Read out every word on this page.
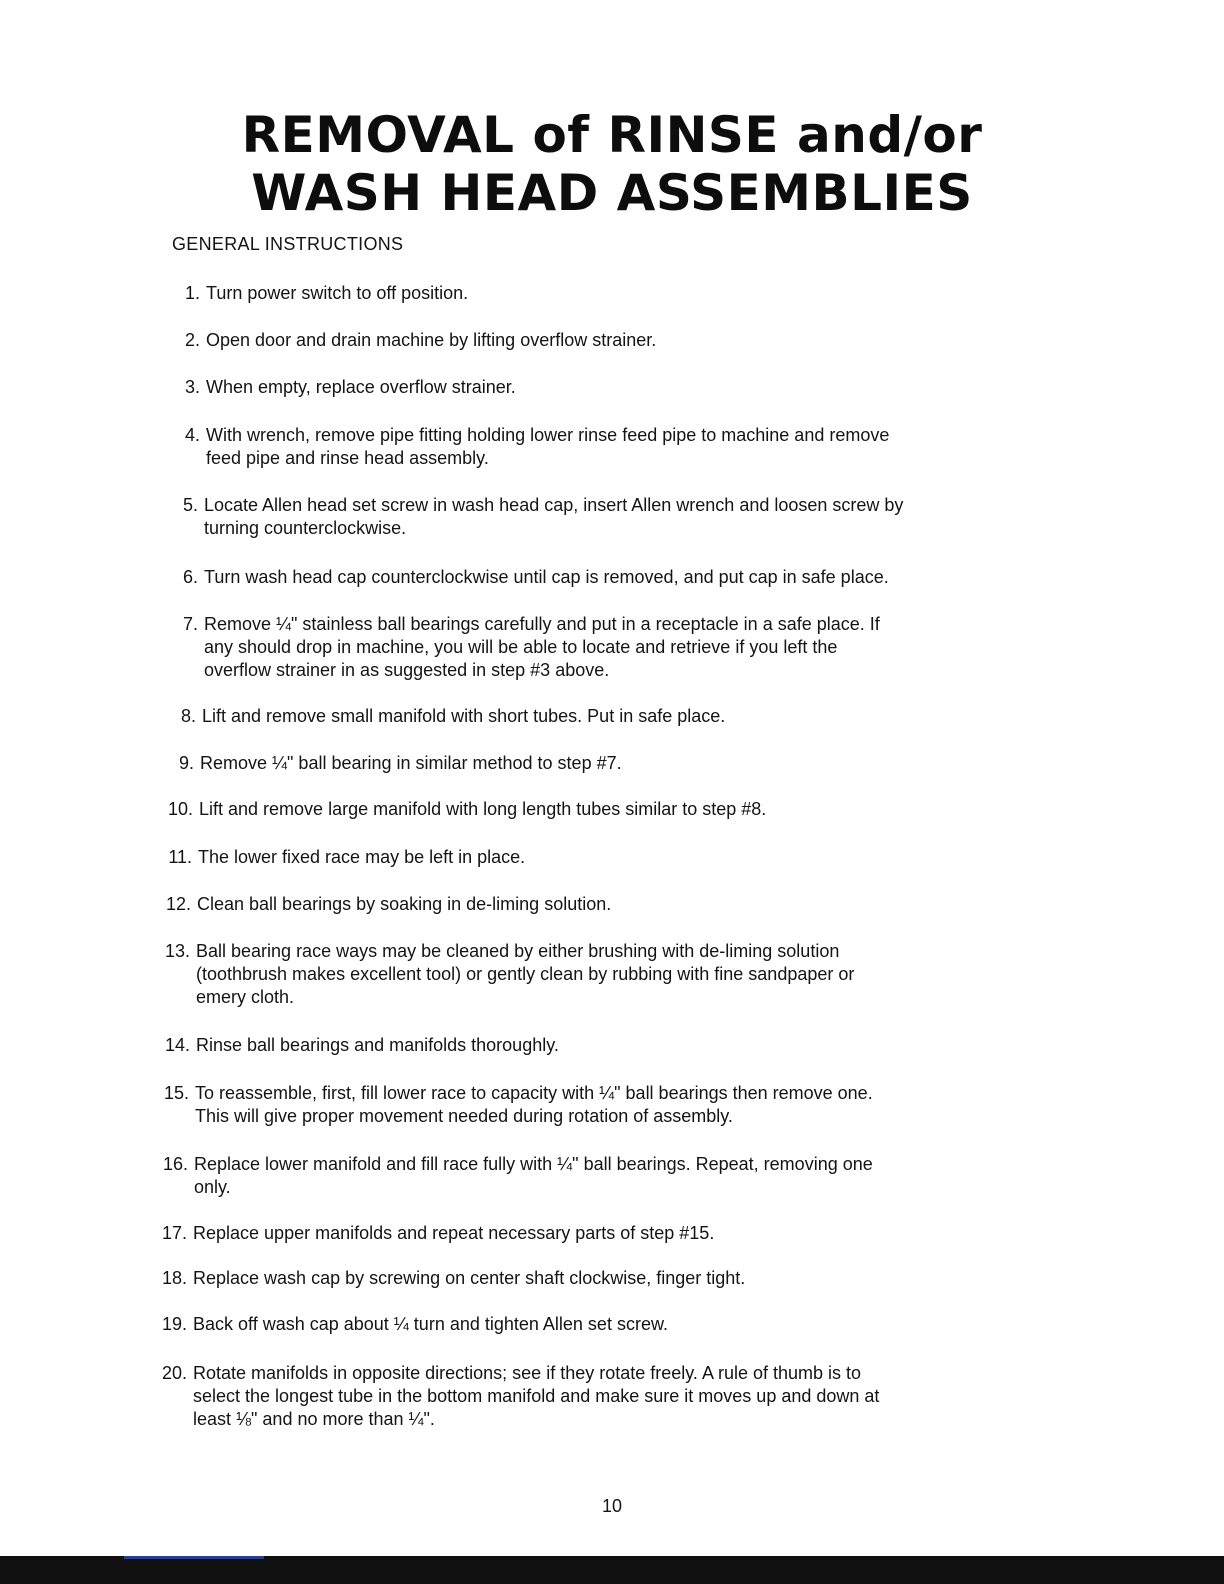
REMOVAL of RINSE and/or
WASH HEAD ASSEMBLIES
GENERAL INSTRUCTIONS
1. Turn power switch to off position.
2. Open door and drain machine by lifting overflow strainer.
3. When empty, replace overflow strainer.
4. With wrench, remove pipe fitting holding lower rinse feed pipe to machine and remove
feed pipe and rinse head assembly.
5. Locate Allen head set screw in wash head cap, insert Allen wrench and loosen screw by
turning counterclockwise.
6. Turn wash head cap counterclockwise until cap is removed, and put cap in safe place.
7. Remove ¼" stainless ball bearings carefully and put in a receptacle in a safe place. If
any should drop in machine, you will be able to locate and retrieve if you left the
overflow strainer in as suggested in step #3 above.
8. Lift and remove small manifold with short tubes. Put in safe place.
9. Remove ¼" ball bearing in similar method to step #7.
10. Lift and remove large manifold with long length tubes similar to step #8.
11. The lower fixed race may be left in place.
12. Clean ball bearings by soaking in de-liming solution.
13. Ball bearing race ways may be cleaned by either brushing with de-liming solution
(toothbrush makes excellent tool) or gently clean by rubbing with fine sandpaper or
emery cloth.
14. Rinse ball bearings and manifolds thoroughly.
15. To reassemble, first, fill lower race to capacity with ¼" ball bearings then remove one.
This will give proper movement needed during rotation of assembly.
16. Replace lower manifold and fill race fully with ¼" ball bearings. Repeat, removing one
only.
17. Replace upper manifolds and repeat necessary parts of step #15.
18. Replace wash cap by screwing on center shaft clockwise, finger tight.
19. Back off wash cap about ¼ turn and tighten Allen set screw.
20. Rotate manifolds in opposite directions; see if they rotate freely. A rule of thumb is to
select the longest tube in the bottom manifold and make sure it moves up and down at
least ⅛" and no more than ¼".
10
